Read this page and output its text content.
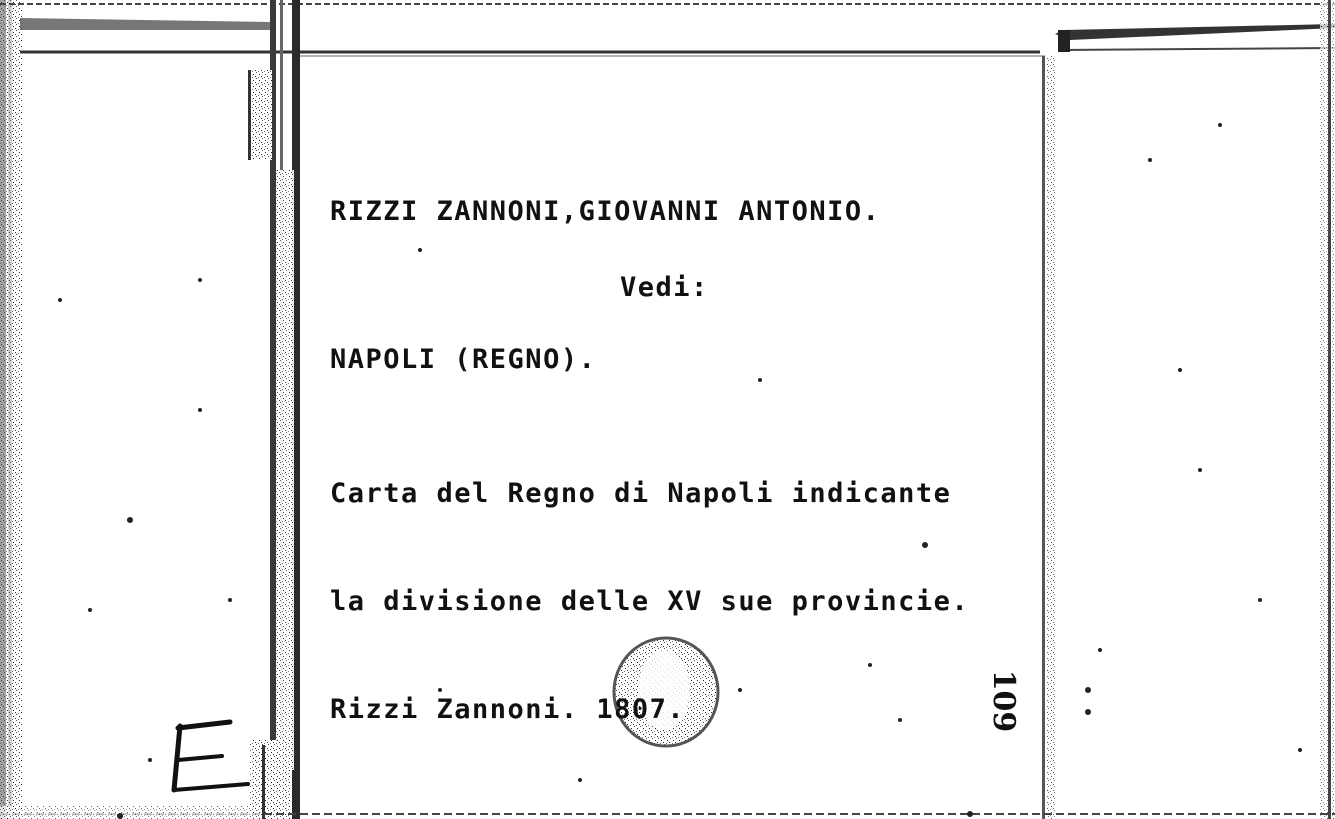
RIZZI ZANNONI,GIOVANNI ANTONIO.
Vedi:
NAPOLI (REGNO).

Carta del Regno di Napoli indicante

la divisione delle XV sue provincie.

Rizzi Zannoni. 1807.	109
